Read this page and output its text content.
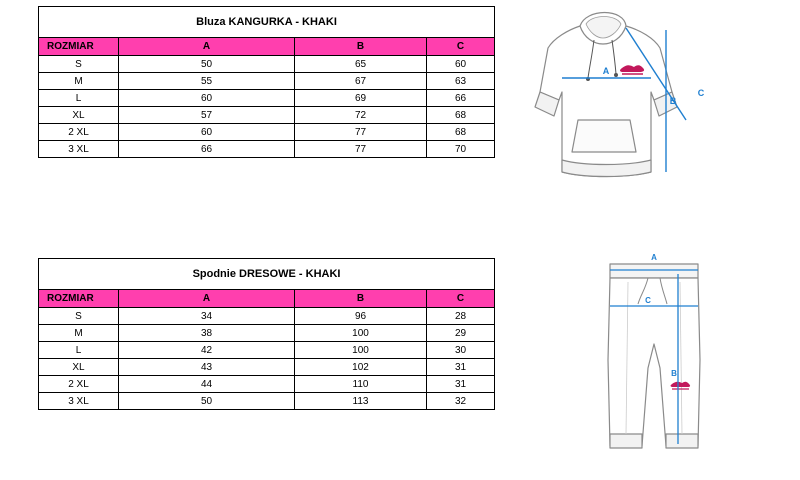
Bluza KANGURKA - KHAKI			
ROZMIAR	A	B	C
S	50	65	60
M	55	67	63
L	60	69	66
XL	57	72	68
2 XL	60	77	68
3 XL	66	77	70
Spodnie DRESOWE - KHAKI			
ROZMIAR	A	B	C
S	34	96	28
M	38	100	29
L	42	100	30
XL	43	102	31
2 XL	44	110	31
3 XL	50	113	32
A
B
C
A
C
B
